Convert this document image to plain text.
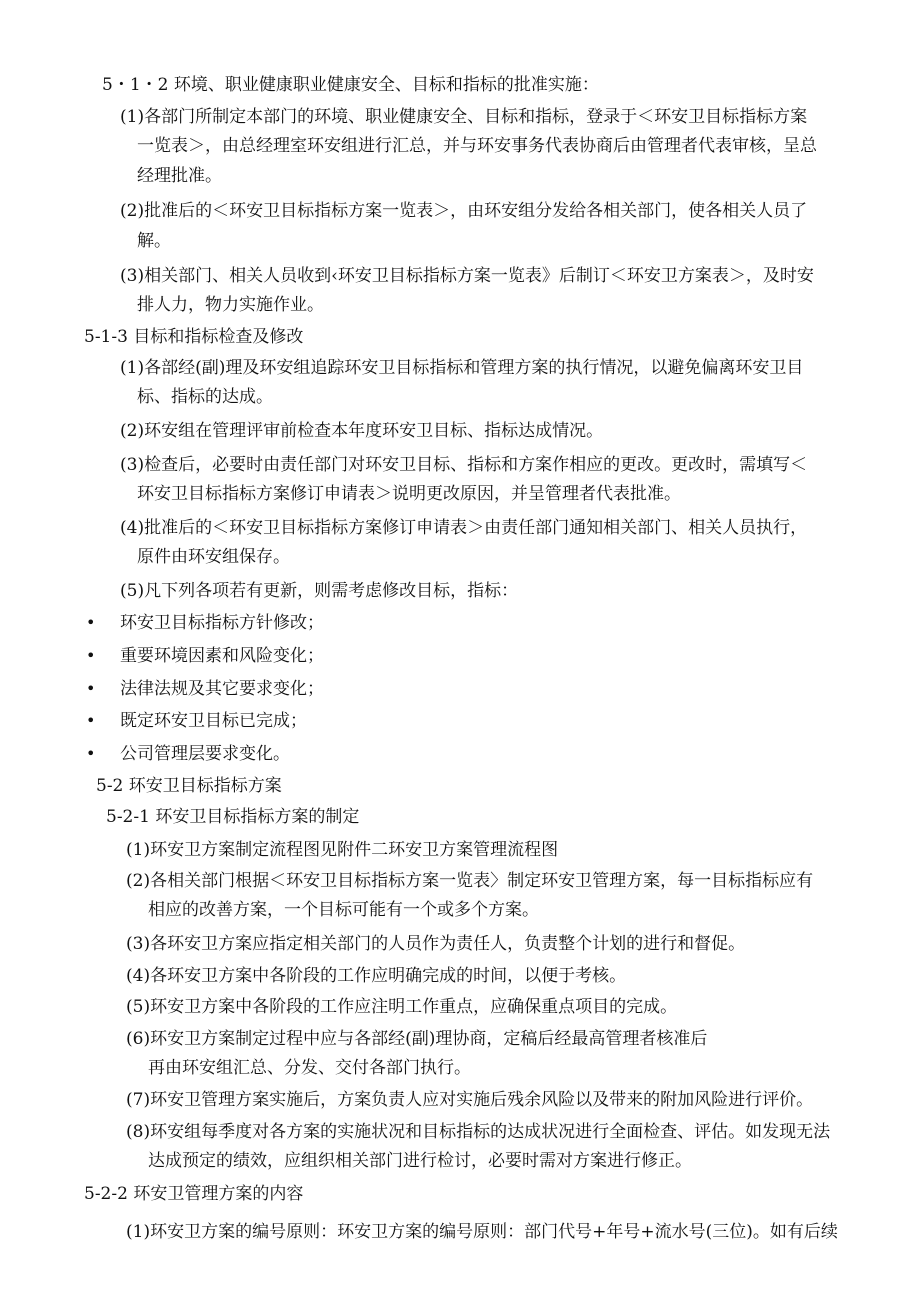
5・1・2 环境、职业健康职业健康安全、目标和指标的批准实施：
(1)各部门所制定本部门的环境、职业健康安全、目标和指标，登录于＜环安卫目标指标方案
一览表＞，由总经理室环安组进行汇总，并与环安事务代表协商后由管理者代表审核，呈总
经理批准。
(2)批准后的＜环安卫目标指标方案一览表＞，由环安组分发给各相关部门，使各相关人员了
解。
(3)相关部门、相关人员收到‹环安卫目标指标方案一览表》后制订＜环安卫方案表＞，及时安
排人力，物力实施作业。
5-1-3 目标和指标检查及修改
(1)各部经(副)理及环安组追踪环安卫目标指标和管理方案的执行情况，以避免偏离环安卫目
标、指标的达成。
(2)环安组在管理评审前检查本年度环安卫目标、指标达成情况。
(3)检查后，必要时由责任部门对环安卫目标、指标和方案作相应的更改。更改时，需填写＜
环安卫目标指标方案修订申请表＞说明更改原因，并呈管理者代表批准。
(4)批准后的＜环安卫目标指标方案修订申请表＞由责任部门通知相关部门、相关人员执行，
原件由环安组保存。
(5)凡下列各项若有更新，则需考虑修改目标，指标：
• 环安卫目标指标方针修改；
• 重要环境因素和风险变化；
• 法律法规及其它要求变化；
• 既定环安卫目标已完成；
• 公司管理层要求变化。
5-2 环安卫目标指标方案
5-2-1 环安卫目标指标方案的制定
(1)环安卫方案制定流程图见附件二环安卫方案管理流程图
(2)各相关部门根据＜环安卫目标指标方案一览表〉制定环安卫管理方案，每一目标指标应有
相应的改善方案，一个目标可能有一个或多个方案。
(3)各环安卫方案应指定相关部门的人员作为责任人，负责整个计划的进行和督促。
(4)各环安卫方案中各阶段的工作应明确完成的时间，以便于考核。
(5)环安卫方案中各阶段的工作应注明工作重点，应确保重点项目的完成。
(6)环安卫方案制定过程中应与各部经(副)理协商，定稿后经最高管理者核准后
再由环安组汇总、分发、交付各部门执行。
(7)环安卫管理方案实施后，方案负责人应对实施后残余风险以及带来的附加风险进行评价。
(8)环安组每季度对各方案的实施状况和目标指标的达成状况进行全面检查、评估。如发现无法
达成预定的绩效，应组织相关部门进行检讨，必要时需对方案进行修正。
5-2-2 环安卫管理方案的内容
(1)环安卫方案的编号原则：环安卫方案的编号原则：部门代号+年号+流水号(三位)。如有后续
